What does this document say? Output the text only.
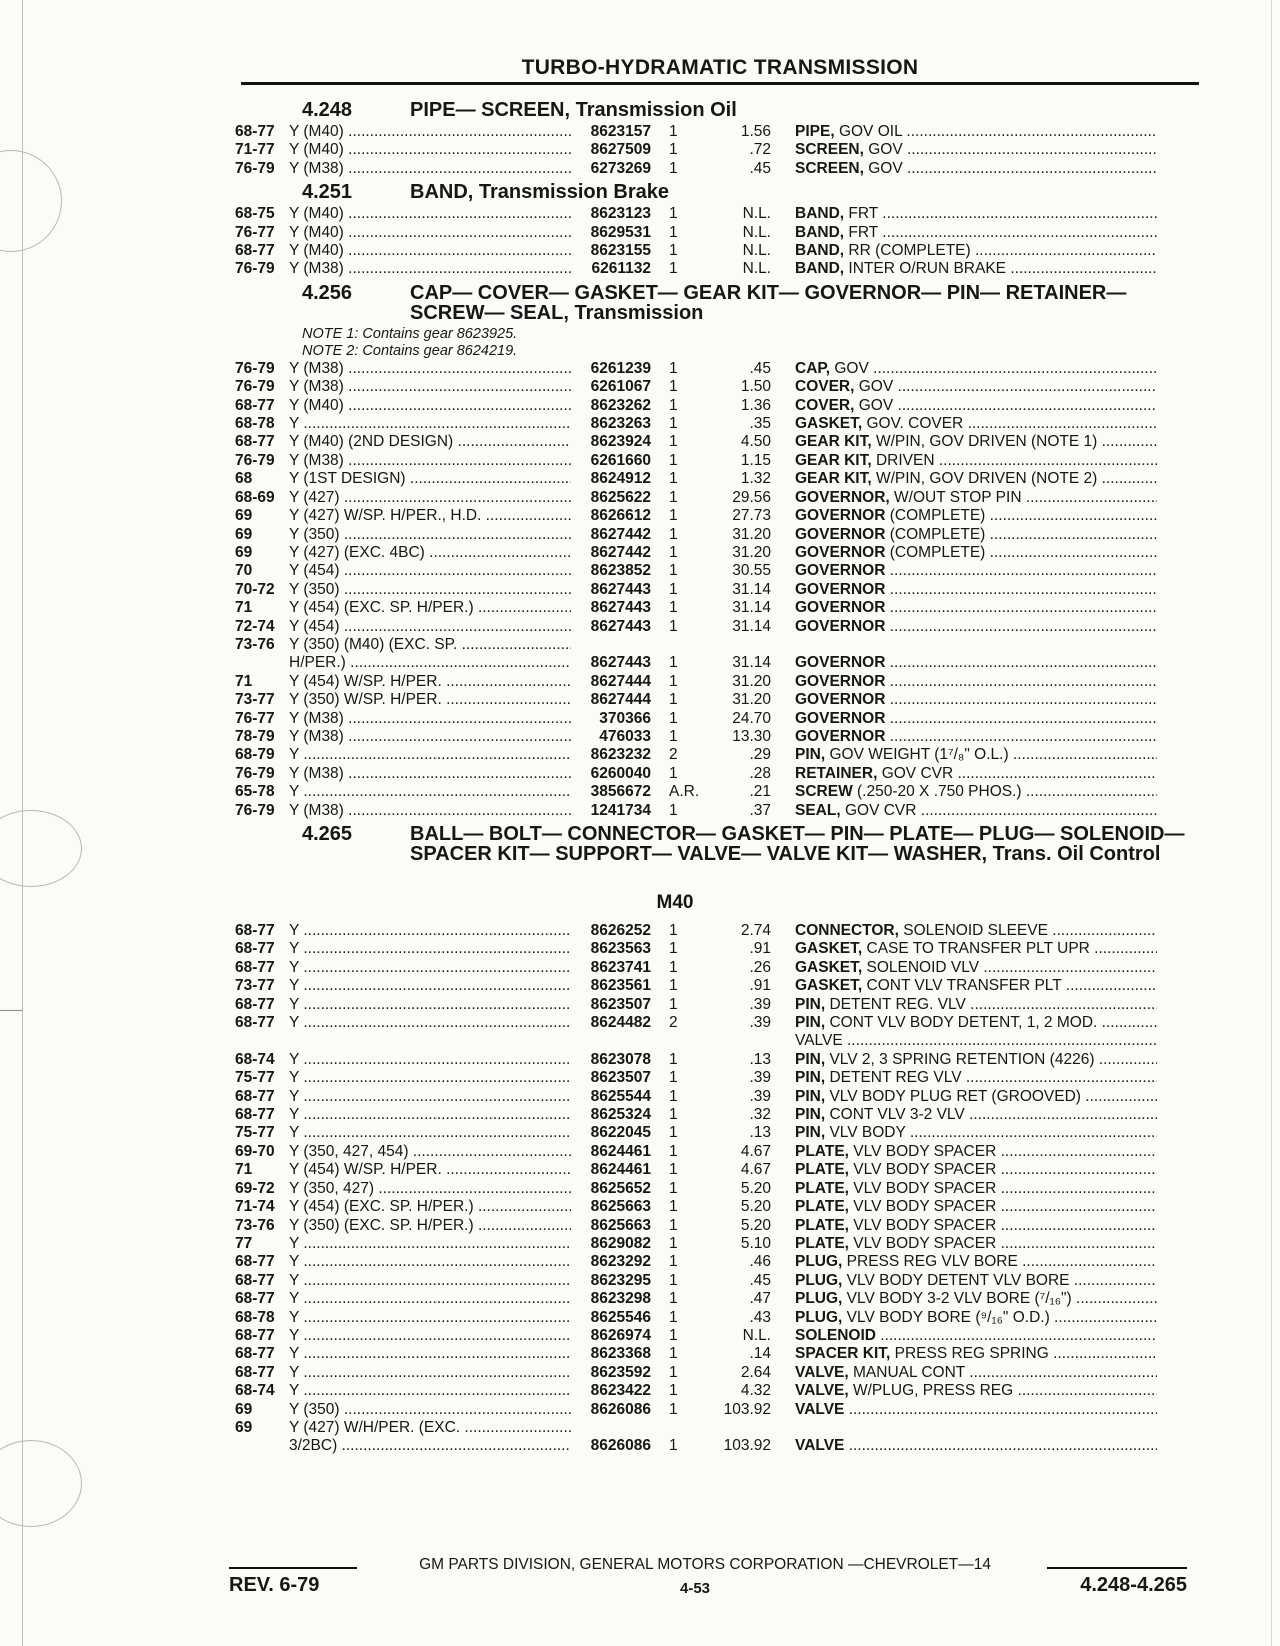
TURBO-HYDRAMATIC TRANSMISSION
4.248	PIPE— SCREEN, Transmission Oil
68-77 Y (M40) .....	8623157	1	1.56	PIPE, GOV OIL .....
71-77 Y (M40) .....	8627509	1	.72	SCREEN, GOV .....
76-79 Y (M38) .....	6273269	1	.45	SCREEN, GOV .....
4.251	BAND, Transmission Brake
68-75 Y (M40) .....	8623123	1	N.L.	BAND, FRT .....
76-77 Y (M40) .....	8629531	1	N.L.	BAND, FRT .....
68-77 Y (M40) .....	8623155	1	N.L.	BAND, RR (COMPLETE) .....
76-79 Y (M38) .....	6261132	1	N.L.	BAND, INTER O/RUN BRAKE .....
4.256	CAP— COVER— GASKET— GEAR KIT— GOVERNOR— PIN— RETAINER— SCREW— SEAL, Transmission
NOTE 1: Contains gear 8623925.
NOTE 2: Contains gear 8624219.
76-79 Y (M38) .....	6261239	1	.45	CAP, GOV .....
76-79 Y (M38) .....	6261067	1	1.50	COVER, GOV .....
68-77 Y (M40) .....	8623262	1	1.36	COVER, GOV .....
68-78 Y .....	8623263	1	.35	GASKET, GOV. COVER .....
68-77 Y (M40) (2ND DESIGN) .....	8623924	1	4.50	GEAR KIT, W/PIN, GOV DRIVEN (NOTE 1) .....
76-79 Y (M38) .....	6261660	1	1.15	GEAR KIT, DRIVEN .....
68	Y (1ST DESIGN) .....	8624912	1	1.32	GEAR KIT, W/PIN, GOV DRIVEN (NOTE 2) .....
68-69 Y (427) .....	8625622	1	29.56	GOVERNOR, W/OUT STOP PIN .....
69	Y (427) W/SP. H/PER., H.D. .....	8626612	1	27.73	GOVERNOR (COMPLETE) .....
69	Y (350) .....	8627442	1	31.20	GOVERNOR (COMPLETE) .....
69	Y (427) (EXC. 4BC) .....	8627442	1	31.20	GOVERNOR (COMPLETE) .....
70	Y (454) .....	8623852	1	30.55	GOVERNOR .....
70-72 Y (350) .....	8627443	1	31.14	GOVERNOR .....
71	Y (454) (EXC. SP. H/PER.) .....	8627443	1	31.14	GOVERNOR .....
72-74 Y (454) .....	8627443	1	31.14	GOVERNOR .....
73-76 Y (350) (M40) (EXC. SP. .....
H/PER.) .....	8627443	1	31.14	GOVERNOR .....
71	Y (454) W/SP. H/PER. .....	8627444	1	31.20	GOVERNOR .....
73-77 Y (350) W/SP. H/PER. .....	8627444	1	31.20	GOVERNOR .....
76-77 Y (M38) .....	370366	1	24.70	GOVERNOR .....
78-79 Y (M38) .....	476033	1	13.30	GOVERNOR .....
68-79 Y .....	8623232	2	.29	PIN, GOV WEIGHT (1⁷/₈" O.L.) .....
76-79 Y (M38) .....	6260040	1	.28	RETAINER, GOV CVR .....
65-78 Y .....	3856672	A.R.	.21	SCREW (.250-20 X .750 PHOS.) .....
76-79 Y (M38) .....	1241734	1	.37	SEAL, GOV CVR .....
4.265	BALL— BOLT— CONNECTOR— GASKET— PIN— PLATE— PLUG— SOLENOID— SPACER KIT— SUPPORT— VALVE— VALVE KIT— WASHER, Trans. Oil Control
M40
68-77 Y .....	8626252	1	2.74	CONNECTOR, SOLENOID SLEEVE .....
68-77 Y .....	8623563	1	.91	GASKET, CASE TO TRANSFER PLT UPR .....
68-77 Y .....	8623741	1	.26	GASKET, SOLENOID VLV .....
73-77 Y .....	8623561	1	.91	GASKET, CONT VLV TRANSFER PLT .....
68-77 Y .....	8623507	1	.39	PIN, DETENT REG. VLV .....
68-77 Y .....	8624482	2	.39	PIN, CONT VLV BODY DETENT, 1, 2 MOD. .....
VALVE .....
68-74 Y .....	8623078	1	.13	PIN, VLV 2, 3 SPRING RETENTION (4226) .....
75-77 Y .....	8623507	1	.39	PIN, DETENT REG VLV .....
68-77 Y .....	8625544	1	.39	PIN, VLV BODY PLUG RET (GROOVED) .....
68-77 Y .....	8625324	1	.32	PIN, CONT VLV 3-2 VLV .....
75-77 Y .....	8622045	1	.13	PIN, VLV BODY .....
69-70 Y (350, 427, 454) .....	8624461	1	4.67	PLATE, VLV BODY SPACER .....
71	Y (454) W/SP. H/PER. .....	8624461	1	4.67	PLATE, VLV BODY SPACER .....
69-72 Y (350, 427) .....	8625652	1	5.20	PLATE, VLV BODY SPACER .....
71-74 Y (454) (EXC. SP. H/PER.) .....	8625663	1	5.20	PLATE, VLV BODY SPACER .....
73-76 Y (350) (EXC. SP. H/PER.) .....	8625663	1	5.20	PLATE, VLV BODY SPACER .....
77	Y .....	8629082	1	5.10	PLATE, VLV BODY SPACER .....
68-77 Y .....	8623292	1	.46	PLUG, PRESS REG VLV BORE .....
68-77 Y .....	8623295	1	.45	PLUG, VLV BODY DETENT VLV BORE .....
68-77 Y .....	8623298	1	.47	PLUG, VLV BODY 3-2 VLV BORE (⁷/₁₆") .....
68-78 Y .....	8625546	1	.43	PLUG, VLV BODY BORE (⁹/₁₆" O.D.) .....
68-77 Y .....	8626974	1	N.L.	SOLENOID .....
68-77 Y .....	8623368	1	.14	SPACER KIT, PRESS REG SPRING .....
68-77 Y .....	8623592	1	2.64	VALVE, MANUAL CONT .....
68-74 Y .....	8623422	1	4.32	VALVE, W/PLUG, PRESS REG .....
69	Y (350) .....	8626086	1	103.92	VALVE .....
69	Y (427) W/H/PER. (EXC. .....
3/2BC) .....	8626086	1	103.92	VALVE .....
GM PARTS DIVISION, GENERAL MOTORS CORPORATION —CHEVROLET—14
REV. 6-79	4-53	4.248-4.265
